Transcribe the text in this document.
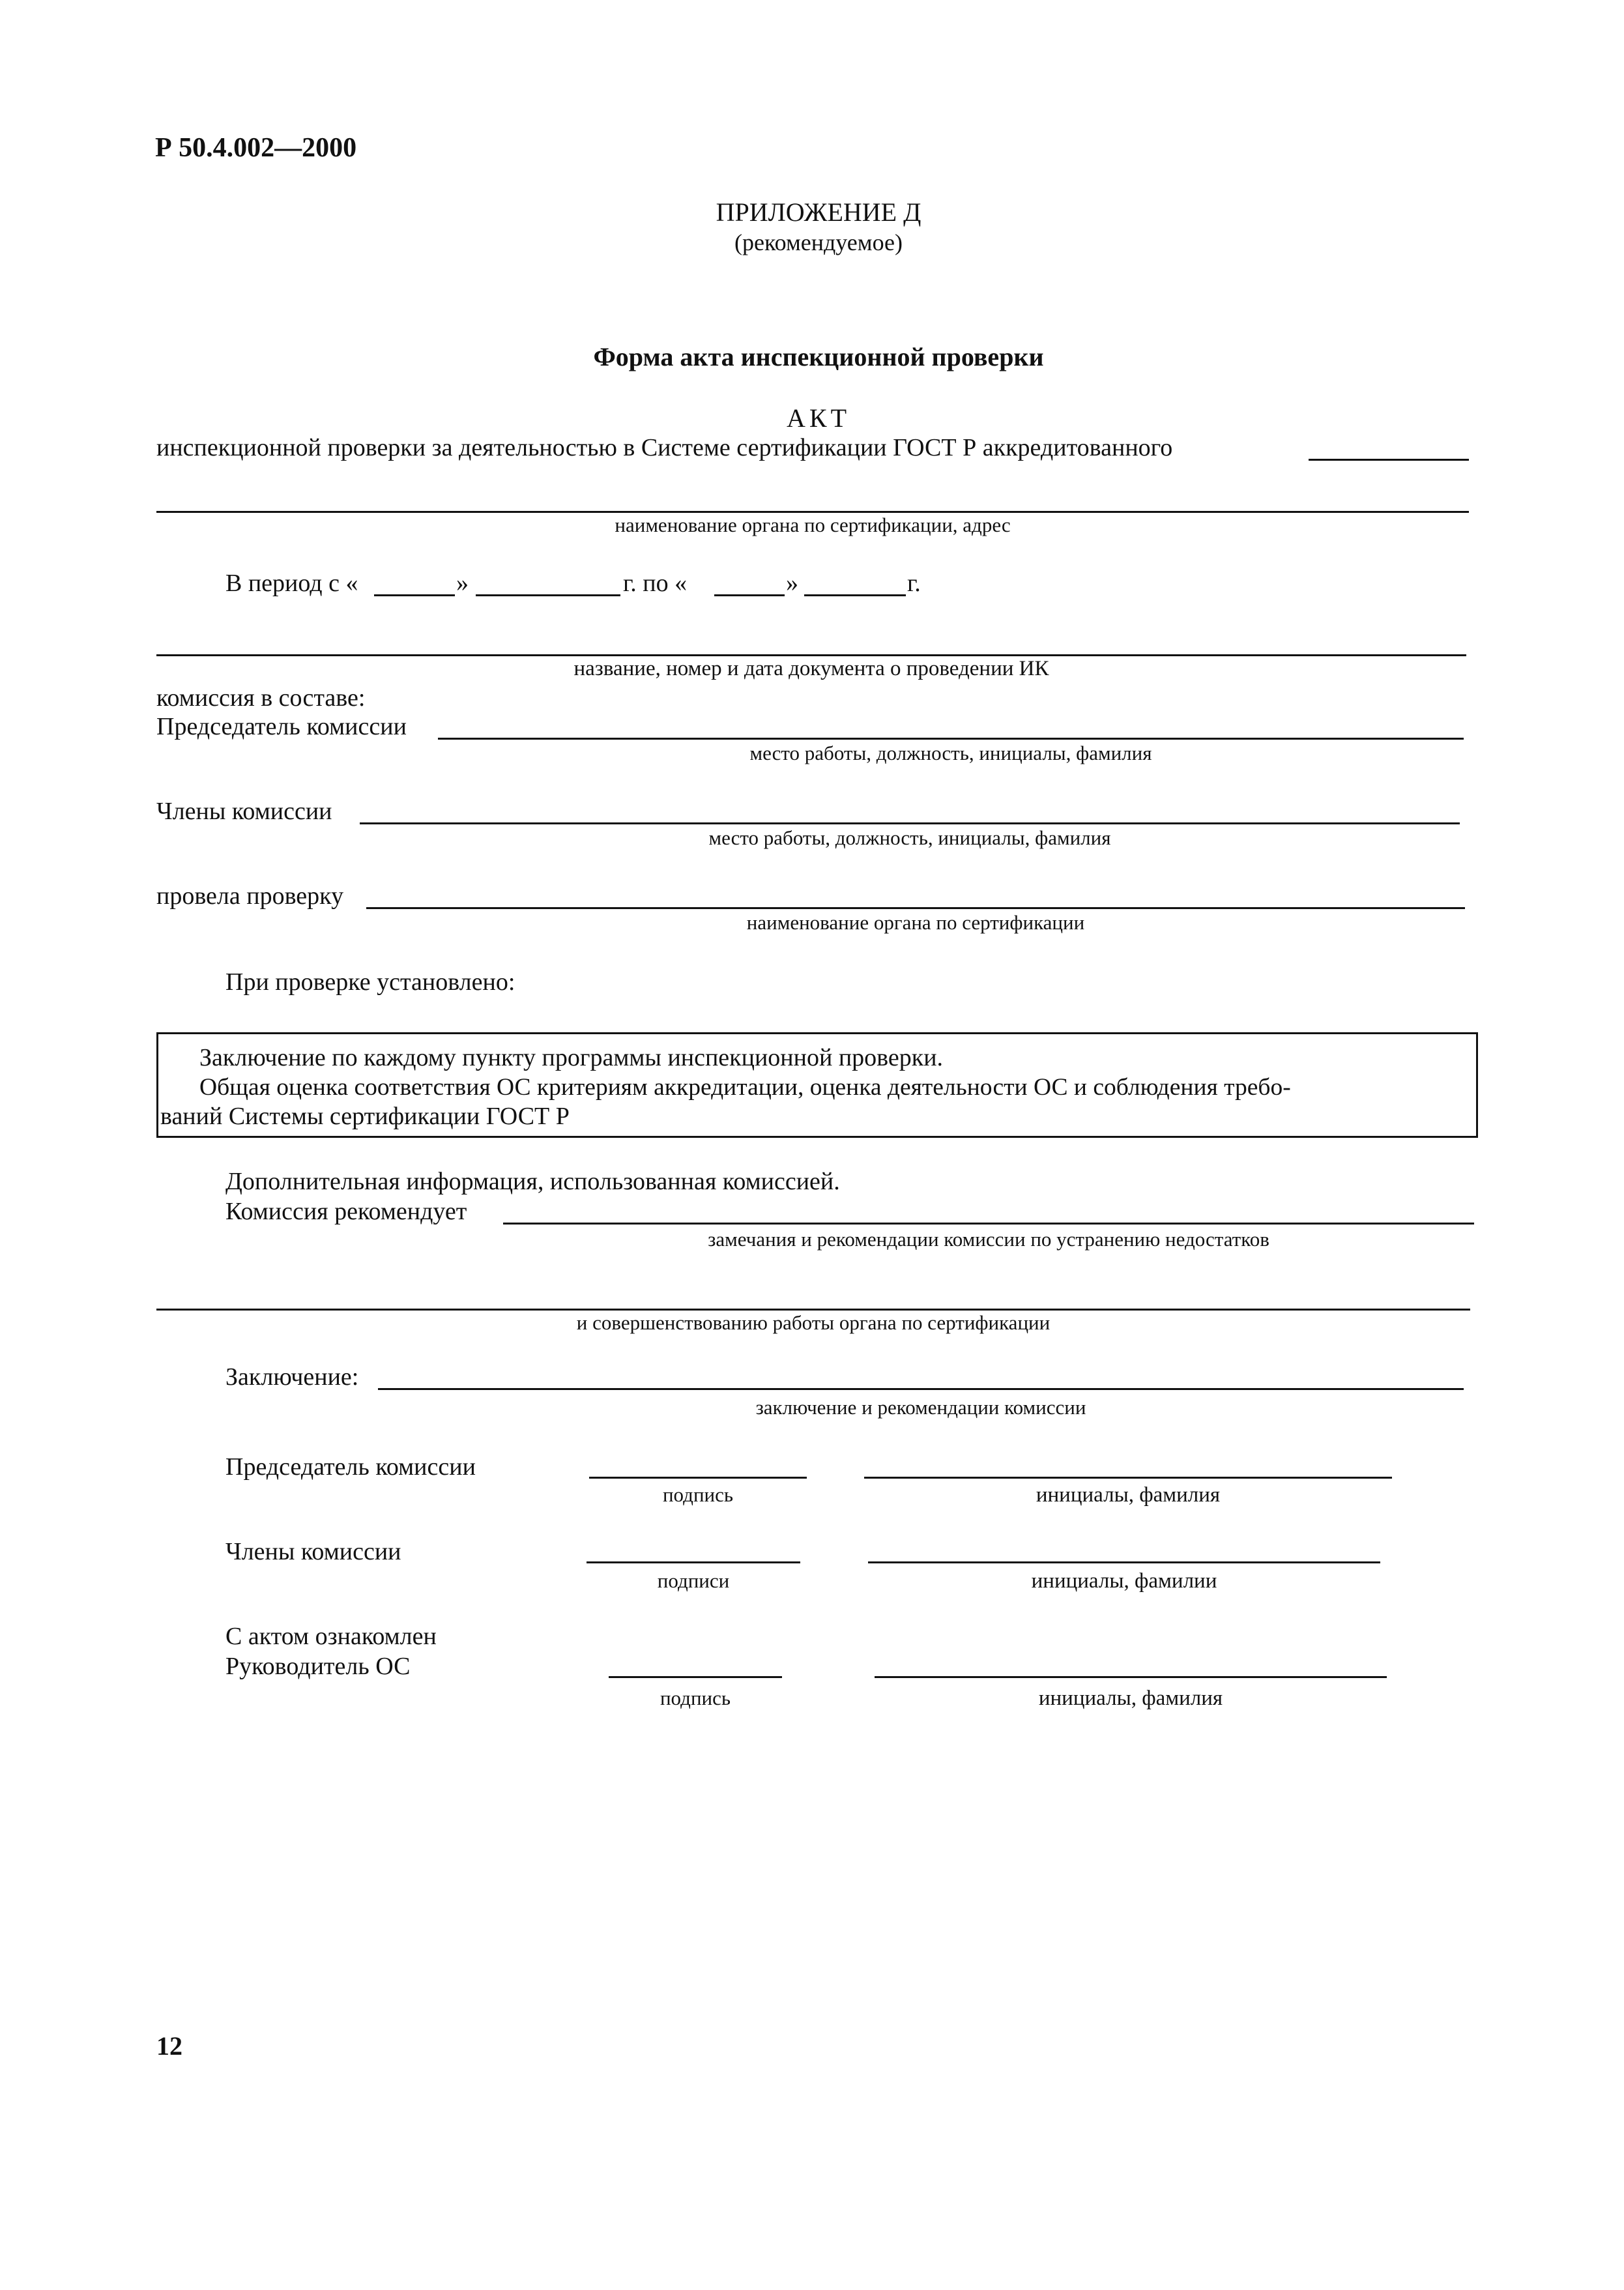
Р 50.4.002—2000
ПРИЛОЖЕНИЕ Д
(рекомендуемое)
Форма акта инспекционной проверки
АКТ
инспекционной проверки за деятельностью в Системе сертификации ГОСТ Р аккредитованного
наименование органа по сертификации, адрес
В период с «	»	г. по «	»	г.
название, номер и дата документа о проведении ИК
комиссия в составе:
Председатель комиссии
место работы, должность, инициалы, фамилия
Члены комиссии
место работы, должность, инициалы, фамилия
провела проверку
наименование органа по сертификации
При проверке установлено:
Заключение по каждому пункту программы инспекционной проверки.
Общая оценка соответствия ОС критериям аккредитации, оценка деятельности ОС и соблюдения требо-
ваний Системы сертификации ГОСТ Р
Дополнительная информация, использованная комиссией.
Комиссия рекомендует
замечания и рекомендации комиссии по устранению недостатков
и совершенствованию работы органа по сертификации
Заключение:
заключение и рекомендации комиссии
Председатель комиссии
подпись	инициалы, фамилия
Члены комиссии
подписи	инициалы, фамилии
С актом ознакомлен
Руководитель ОС
подпись	инициалы, фамилия
12
